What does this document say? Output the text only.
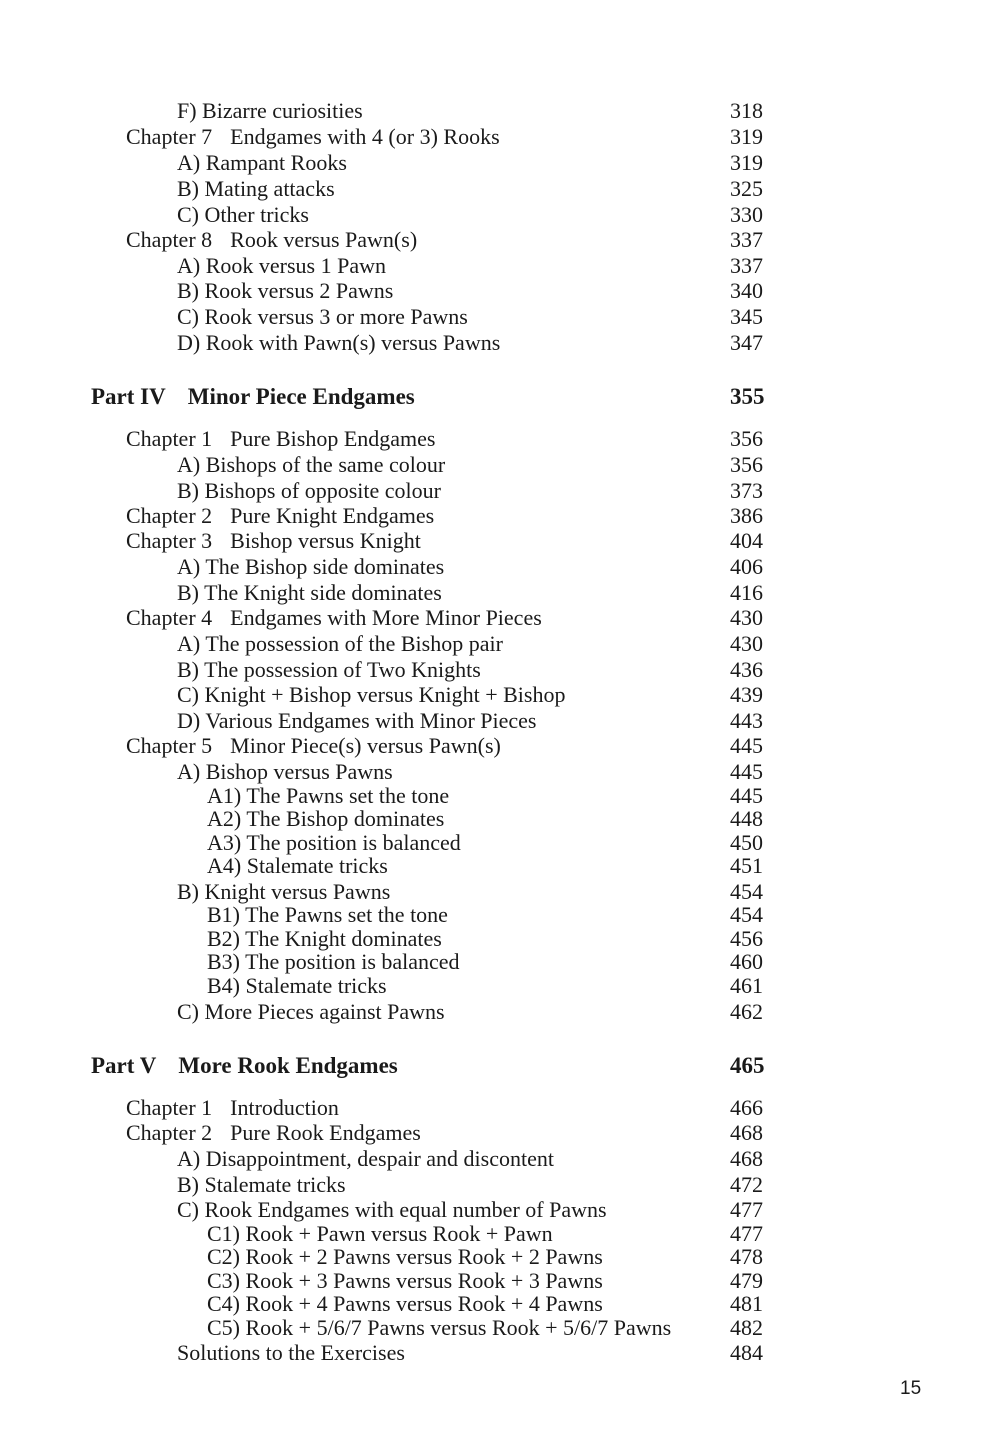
F) Bizarre curiosities	318
Chapter 7 Endgames with 4 (or 3) Rooks	319
A) Rampant Rooks	319
B) Mating attacks	325
C) Other tricks	330
Chapter 8 Rook versus Pawn(s)	337
A) Rook versus 1 Pawn	337
B) Rook versus 2 Pawns	340
C) Rook versus 3 or more Pawns	345
D) Rook with Pawn(s) versus Pawns	347
Part IV Minor Piece Endgames	355
Chapter 1 Pure Bishop Endgames	356
A) Bishops of the same colour	356
B) Bishops of opposite colour	373
Chapter 2 Pure Knight Endgames	386
Chapter 3 Bishop versus Knight	404
A) The Bishop side dominates	406
B) The Knight side dominates	416
Chapter 4 Endgames with More Minor Pieces	430
A) The possession of the Bishop pair	430
B) The possession of Two Knights	436
C) Knight + Bishop versus Knight + Bishop	439
D) Various Endgames with Minor Pieces	443
Chapter 5 Minor Piece(s) versus Pawn(s)	445
A) Bishop versus Pawns	445
A1) The Pawns set the tone	445
A2) The Bishop dominates	448
A3) The position is balanced	450
A4) Stalemate tricks	451
B) Knight versus Pawns	454
B1) The Pawns set the tone	454
B2) The Knight dominates	456
B3) The position is balanced	460
B4) Stalemate tricks	461
C) More Pieces against Pawns	462
Part V More Rook Endgames	465
Chapter 1 Introduction	466
Chapter 2 Pure Rook Endgames	468
A) Disappointment, despair and discontent	468
B) Stalemate tricks	472
C) Rook Endgames with equal number of Pawns	477
C1) Rook + Pawn versus Rook + Pawn	477
C2) Rook + 2 Pawns versus Rook + 2 Pawns	478
C3) Rook + 3 Pawns versus Rook + 3 Pawns	479
C4) Rook + 4 Pawns versus Rook + 4 Pawns	481
C5) Rook + 5/6/7 Pawns versus Rook + 5/6/7 Pawns	482
Solutions to the Exercises	484
15
